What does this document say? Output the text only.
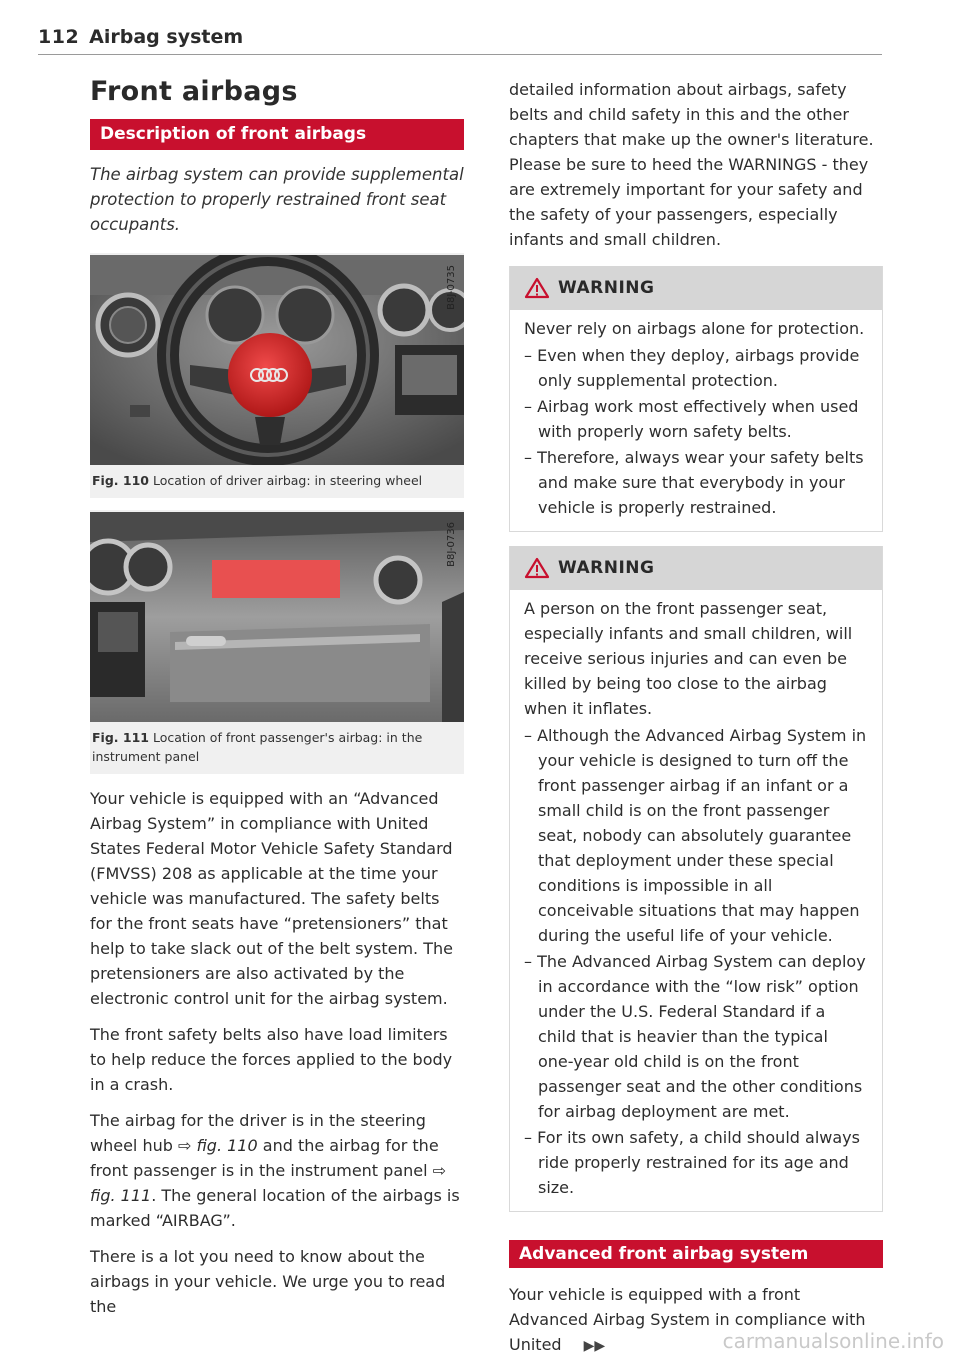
112 Airbag system
Front airbags
Description of front airbags

The airbag system can provide supplemental protection to properly restrained front seat occupants.

B8J-0735

Fig. 110 Location of driver airbag: in steering wheel

B8J-0736

Fig. 111 Location of front passenger's airbag: in the instrument panel

Your vehicle is equipped with an “Advanced Airbag System” in compliance with United States Federal Motor Vehicle Safety Standard (FMVSS) 208 as applicable at the time your vehicle was manufactured. The safety belts for the front seats have “pretensioners” that help to take slack out of the belt system. The pretensioners are also activated by the electronic control unit for the airbag system.

The front safety belts also have load limiters to help reduce the forces applied to the body in a crash.

The airbag for the driver is in the steering wheel hub ⇨ fig. 110 and the airbag for the front passenger is in the instrument panel ⇨ fig. 111. The general location of the airbags is marked “AIRBAG”.

There is a lot you need to know about the airbags in your vehicle. We urge you to read the

detailed information about airbags, safety belts and child safety in this and the other chapters that make up the owner's literature. Please be sure to heed the WARNINGS - they are extremely important for your safety and the safety of your passengers, especially infants and small children.

WARNING

Never rely on airbags alone for protection.

– Even when they deploy, airbags provide only supplemental protection.
– Airbag work most effectively when used with properly worn safety belts.
– Therefore, always wear your safety belts and make sure that everybody in your vehicle is properly restrained.
WARNING

A person on the front passenger seat, especially infants and small children, will receive serious injuries and can even be killed by being too close to the airbag when it inflates.

– Although the Advanced Airbag System in your vehicle is designed to turn off the front passenger airbag if an infant or a small child is on the front passenger seat, nobody can absolutely guarantee that deployment under these special conditions is impossible in all conceivable situations that may happen during the useful life of your vehicle.
– The Advanced Airbag System can deploy in accordance with the “low risk” option under the U.S. Federal Standard if a child that is heavier than the typical one-year old child is on the front passenger seat and the other conditions for airbag deployment are met.
– For its own safety, a child should always ride properly restrained for its age and size.
Advanced front airbag system

Your vehicle is equipped with a front Advanced Airbag System in compliance with United ▶▶	carmanualsonline.info
